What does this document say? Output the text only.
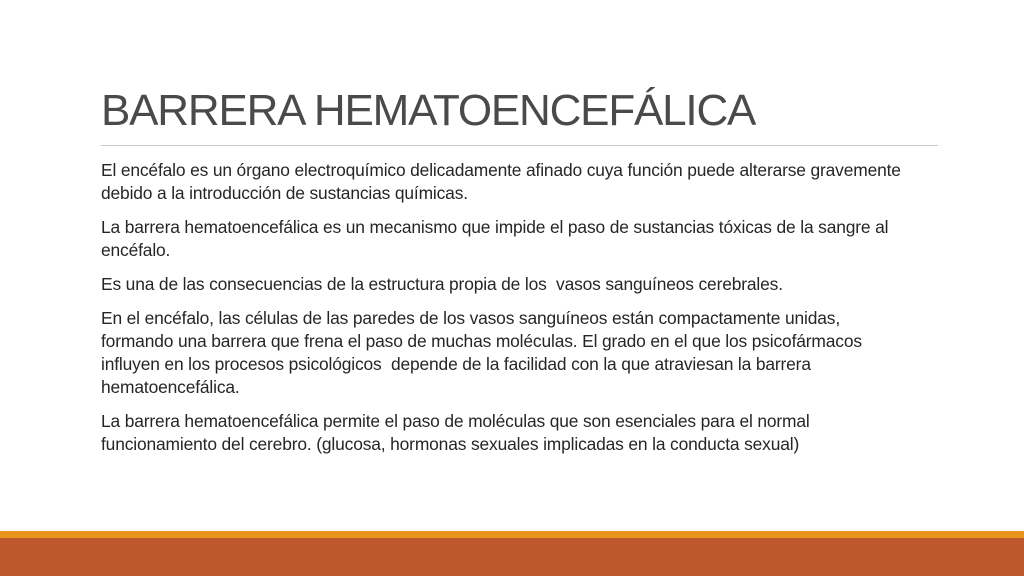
BARRERA HEMATOENCEFÁLICA

El encéfalo es un órgano electroquímico delicadamente afinado cuya función puede alterarse gravemente debido a la introducción de sustancias químicas.

La barrera hematoencefálica es un mecanismo que impide el paso de sustancias tóxicas de la sangre al encéfalo.

Es una de las consecuencias de la estructura propia de los  vasos sanguíneos cerebrales.

En el encéfalo, las células de las paredes de los vasos sanguíneos están compactamente unidas, formando una barrera que frena el paso de muchas moléculas. El grado en el que los psicofármacos influyen en los procesos psicológicos  depende de la facilidad con la que atraviesan la barrera hematoencefálica.

La barrera hematoencefálica permite el paso de moléculas que son esenciales para el normal funcionamiento del cerebro. (glucosa, hormonas sexuales implicadas en la conducta sexual)
